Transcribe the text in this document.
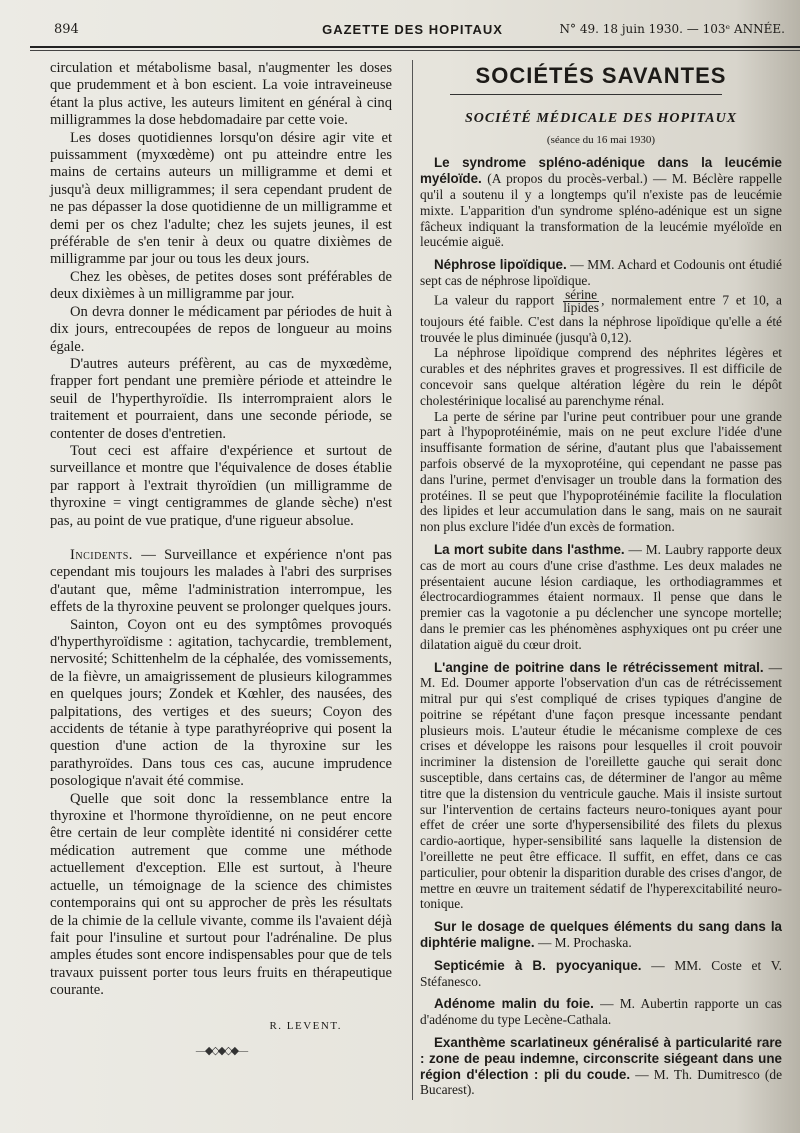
894	GAZETTE DES HOPITAUX	N° 49. 18 juin 1930. — 103ᵉ ANNÉE.

circulation et métabolisme basal, n'augmenter les doses que prudemment et à bon escient. La voie intraveineuse étant la plus active, les auteurs limitent en général à cinq milligrammes la dose hebdomadaire par cette voie.

Les doses quotidiennes lorsqu'on désire agir vite et puissamment (myxœdème) ont pu atteindre entre les mains de certains auteurs un milligramme et demi et jusqu'à deux milligrammes; il sera cependant prudent de ne pas dépasser la dose quotidienne de un milligramme et demi per os chez l'adulte; chez les sujets jeunes, il est préférable de s'en tenir à deux ou quatre dixièmes de milligramme par jour ou tous les deux jours.

Chez les obèses, de petites doses sont préférables de deux dixièmes à un milligramme par jour.

On devra donner le médicament par périodes de huit à dix jours, entrecoupées de repos de longueur au moins égale.

D'autres auteurs préfèrent, au cas de myxœdème, frapper fort pendant une première période et atteindre le seuil de l'hyperthyroïdie. Ils interrompraient alors le traitement et pourraient, dans une seconde période, se contenter de doses d'entretien.

Tout ceci est affaire d'expérience et surtout de surveillance et montre que l'équivalence de doses établie par rapport à l'extrait thyroïdien (un milligramme de thyroxine = vingt centigrammes de glande sèche) n'est pas, au point de vue pratique, d'une rigueur absolue.

Incidents. — Surveillance et expérience n'ont pas cependant mis toujours les malades à l'abri des surprises d'autant que, même l'administration interrompue, les effets de la thyroxine peuvent se prolonger quelques jours.

Sainton, Coyon ont eu des symptômes provoqués d'hyperthyroïdisme : agitation, tachycardie, tremblement, nervosité; Schittenhelm de la céphalée, des vomissements, de la fièvre, un amaigrissement de plusieurs kilogrammes en quelques jours; Zondek et Kœhler, des nausées, des palpitations, des vertiges et des sueurs; Coyon des accidents de tétanie à type parathyréoprive qui posent la question d'une action de la thyroxine sur les parathyroïdes. Dans tous ces cas, aucune imprudence posologique n'avait été commise.

Quelle que soit donc la ressemblance entre la thyroxine et l'hormone thyroïdienne, on ne peut encore être certain de leur complète identité ni considérer cette médication autrement que comme une méthode actuellement d'exception. Elle est surtout, à l'heure actuelle, un témoignage de la science des chimistes contemporains qui ont su approcher de près les résultats de la chimie de la cellule vivante, comme ils l'avaient déjà fait pour l'insuline et surtout pour l'adrénaline. De plus amples études sont encore indispensables pour que de tels travaux puissent porter tous leurs fruits en thérapeutique courante.

R. LEVENT.
—◆◇◆◇◆—
SOCIÉTÉS SAVANTES
SOCIÉTÉ MÉDICALE DES HOPITAUX
(séance du 16 mai 1930)

Le syndrome spléno-adénique dans la leucémie myéloïde. (A propos du procès-verbal.) — M. Béclère rappelle qu'il a soutenu il y a longtemps qu'il n'existe pas de leucémie mixte. L'apparition d'un syndrome spléno-adénique est un signe fâcheux indiquant la transformation de la leucémie myéloïde en leucémie aiguë.

Néphrose lipoïdique. — MM. Achard et Codounis ont étudié sept cas de néphrose lipoïdique.

La valeur du rapport $\frac{\text{sérine}}{\text{lipides}}$ , normalement entre 7 et 10, a toujours été faible. C'est dans la néphrose lipoïdique qu'elle a été trouvée le plus diminuée (jusqu'à 0,12).

La néphrose lipoïdique comprend des néphrites légères et curables et des néphrites graves et progressives. Il est difficile de concevoir sans quelque altération légère du rein le dépôt cholestérinique localisé au parenchyme rénal.

La perte de sérine par l'urine peut contribuer pour une grande part à l'hypoprotéinémie, mais on ne peut exclure l'idée d'une insuffisante formation de sérine, d'autant plus que l'abaissement parfois observé de la myxoprotéine, qui cependant ne passe pas dans l'urine, permet d'envisager un trouble dans la formation des protéines. Il se peut que l'hypoprotéinémie facilite la floculation des lipides et leur accumulation dans le sang, mais on ne saurait non plus exclure l'idée d'un excès de formation.

La mort subite dans l'asthme. — M. Laubry rapporte deux cas de mort au cours d'une crise d'asthme. Les deux malades ne présentaient aucune lésion cardiaque, les orthodiagrammes et électrocardiogrammes étaient normaux. Il pense que dans le premier cas la vagotonie a pu déclencher une syncope mortelle; dans le premier cas les phénomènes asphyxiques ont pu créer une dilatation aiguë du cœur droit.

L'angine de poitrine dans le rétrécissement mitral. — M. Ed. Doumer apporte l'observation d'un cas de rétrécissement mitral pur qui s'est compliqué de crises typiques d'angine de poitrine se répétant d'une façon presque incessante pendant plusieurs mois. L'auteur étudie le mécanisme complexe de ces crises et développe les raisons pour lesquelles il croit pouvoir incriminer la distension de l'oreillette gauche qui serait donc susceptible, dans certains cas, de déterminer de l'angor au même titre que la distension du ventricule gauche. Mais il insiste surtout sur l'intervention de certains facteurs neuro-toniques ayant pour effet de créer une sorte d'hypersensibilité des filets du plexus cardio-aortique, hyper-sensibilité sans laquelle la distension de l'oreillette ne peut être efficace. Il suffit, en effet, dans ce cas particulier, pour obtenir la disparition durable des crises d'angor, de mettre en œuvre un traitement sédatif de l'hyperexcitabilité neuro-tonique.

Sur le dosage de quelques éléments du sang dans la diphtérie maligne. — M. Prochaska.

Septicémie à B. pyocyanique. — MM. Coste et V. Stéfanesco.

Adénome malin du foie. — M. Aubertin rapporte un cas d'adénome du type Lecène-Cathala.

Exanthème scarlatineux généralisé à particularité rare : zone de peau indemne, circonscrite siégeant dans une région d'élection : pli du coude. — M. Th. Dumitresco (de Bucarest).
